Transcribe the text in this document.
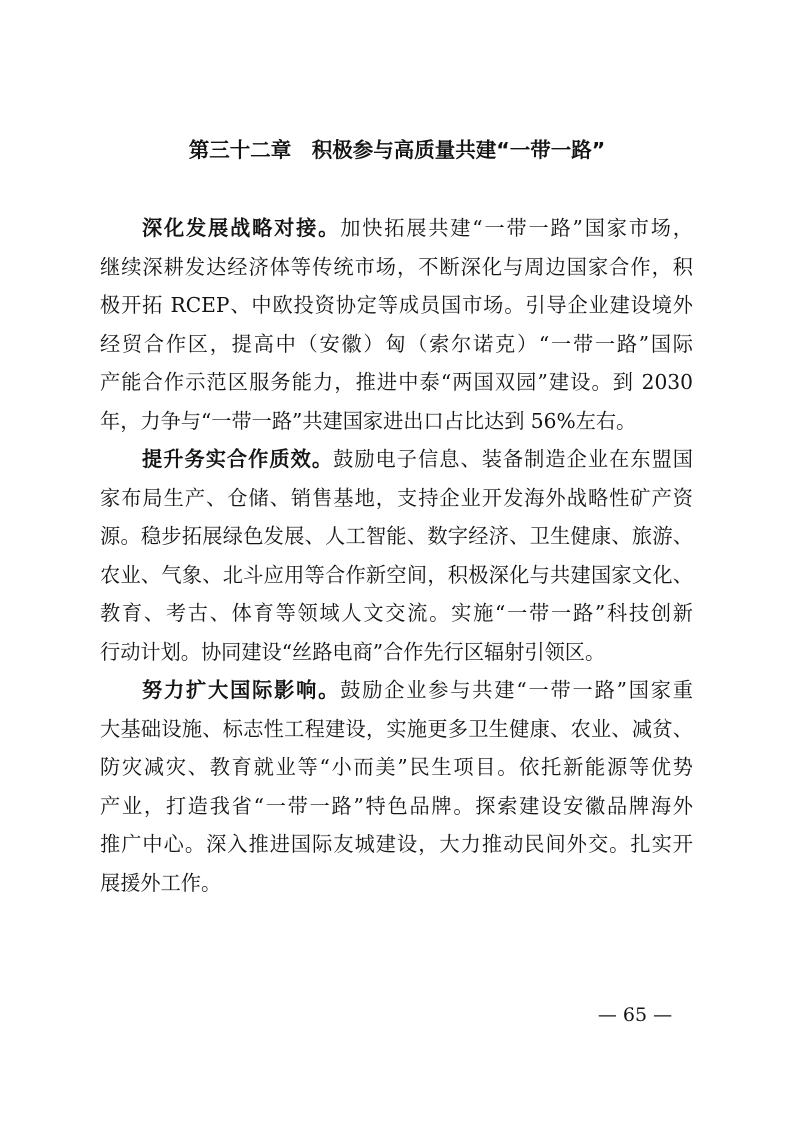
第三十二章　积极参与高质量共建“一带一路”
深化发展战略对接。加快拓展共建“一带一路”国家市场，
继续深耕发达经济体等传统市场，不断深化与周边国家合作，积
极开拓 RCEP、中欧投资协定等成员国市场。引导企业建设境外
经贸合作区，提高中（安徽）匈（索尔诺克）“一带一路”国际
产能合作示范区服务能力，推进中泰“两国双园”建设。到 2030
年，力争与“一带一路”共建国家进出口占比达到 56%左右。
提升务实合作质效。鼓励电子信息、装备制造企业在东盟国
家布局生产、仓储、销售基地，支持企业开发海外战略性矿产资
源。稳步拓展绿色发展、人工智能、数字经济、卫生健康、旅游、
农业、气象、北斗应用等合作新空间，积极深化与共建国家文化、
教育、考古、体育等领域人文交流。实施“一带一路”科技创新
行动计划。协同建设“丝路电商”合作先行区辐射引领区。
努力扩大国际影响。鼓励企业参与共建“一带一路”国家重
大基础设施、标志性工程建设，实施更多卫生健康、农业、减贫、
防灾减灾、教育就业等“小而美”民生项目。依托新能源等优势
产业，打造我省“一带一路”特色品牌。探索建设安徽品牌海外
推广中心。深入推进国际友城建设，大力推动民间外交。扎实开
展援外工作。
— 65 —
